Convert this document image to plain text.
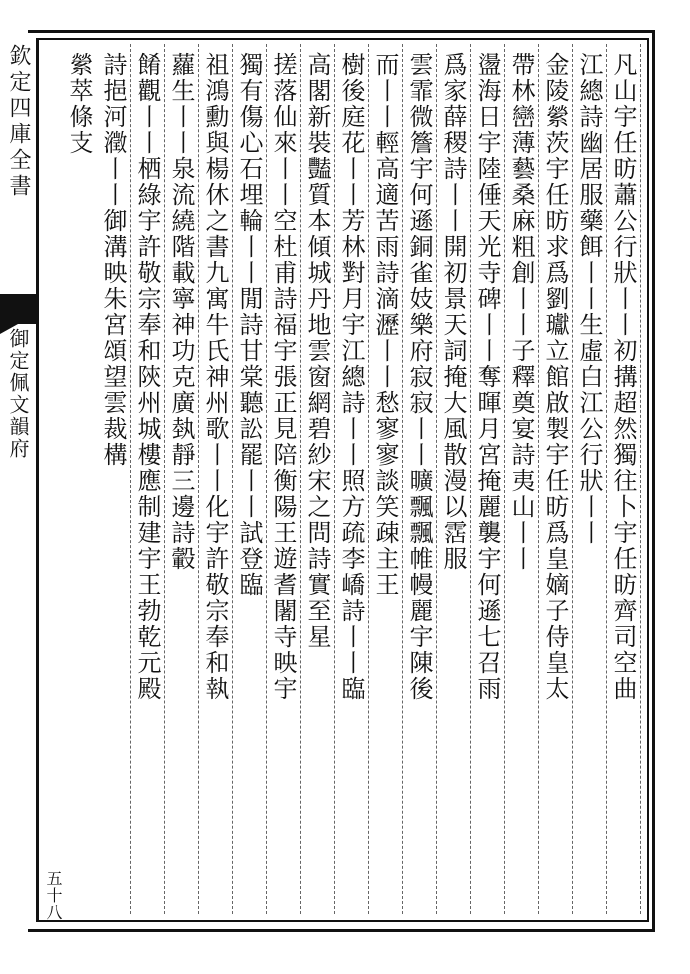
欽定四庫全書
御定佩文韻府	凡山宇任昉蕭公行狀丨丨初搆超然獨往卜宇任昉齊司空曲
江總詩幽居服藥餌丨丨生虛白江公行狀丨丨
金陵縈茨宇任昉求爲劉瓛立館啟製宇任昉爲皇嫡子侍皇太
帶林巒薄藝桑麻粗創丨丨子釋奠宴詩夷山丨丨
盪海日宇陸倕天光寺碑丨丨奪暉月宮掩麗襲宇何遜七召雨
爲家薛稷詩丨丨開初景天詞掩大風散漫以霑服
雲霏微簷宇何遜銅雀妓樂府寂寂丨丨曠飄飄帷幔麗宇陳後
而丨丨輕高適苦雨詩滴瀝丨丨愁寥寥談笑疎主王
樹後庭花丨丨芳林對月宇江總詩丨丨照方疏李嶠詩丨丨臨
高閣新裝豔質本傾城丹地雲窗網碧紗宋之問詩實至星
搓落仙來丨丨空杜甫詩福宇張正見陪衡陽王遊耆闍寺映宇
獨有傷心石埋輪丨丨閒詩甘棠聽訟罷丨丨試登臨
祖鴻勳與楊休之書九寓牛氏神州歌丨丨化宇許敬宗奉和執
蘿生丨丨泉流繞階載寧神功克廣埶靜三邊詩轂
餚觀丨丨栖綠宇許敬宗奉和陝州城樓應制建宇王勃乾元殿
詩挹河瀓丨丨御溝映朱宮頌望雲裁構
縈萃條支
五十八
